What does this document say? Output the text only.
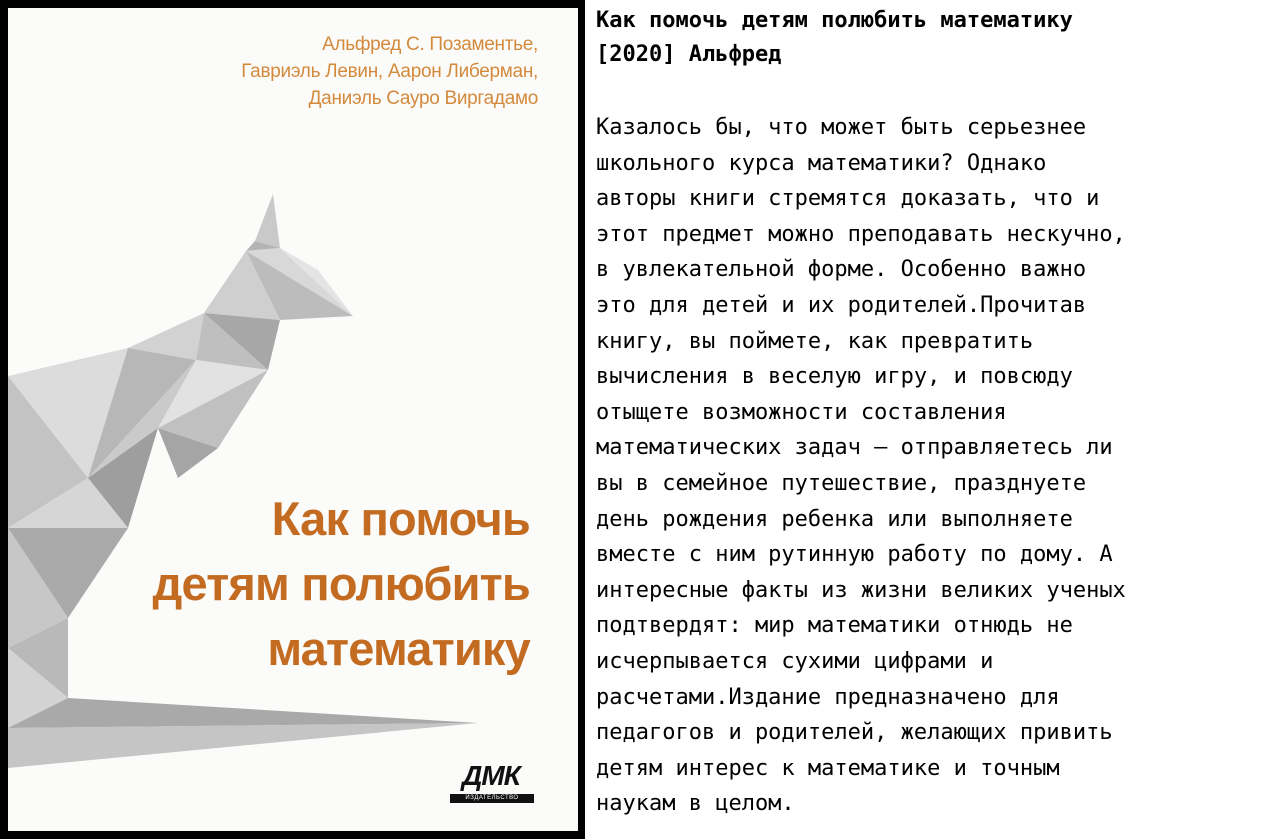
Альфред С. Позаментье,
Гавриэль Левин, Аарон Либерман,
Даниэль Сауро Виргадамо
Как помочь
детям полюбить
математику
ДМК
ИЗДАТЕЛЬСТВО
Как помочь детям полюбить математику
[2020] Альфред

Казалось бы, что может быть серьезнее
школьного курса математики? Однако
авторы книги стремятся доказать, что и
этот предмет можно преподавать нескучно,
в увлекательной форме. Особенно важно
это для детей и их родителей.Прочитав
книгу, вы поймете, как превратить
вычисления в веселую игру, и повсюду
отыщете возможности составления
математических задач – отправляетесь ли
вы в семейное путешествие, празднуете
день рождения ребенка или выполняете
вместе с ним рутинную работу по дому. А
интересные факты из жизни великих ученых
подтвердят: мир математики отнюдь не
исчерпывается сухими цифрами и
расчетами.Издание предназначено для
педагогов и родителей, желающих привить
детям интерес к математике и точным
наукам в целом.
